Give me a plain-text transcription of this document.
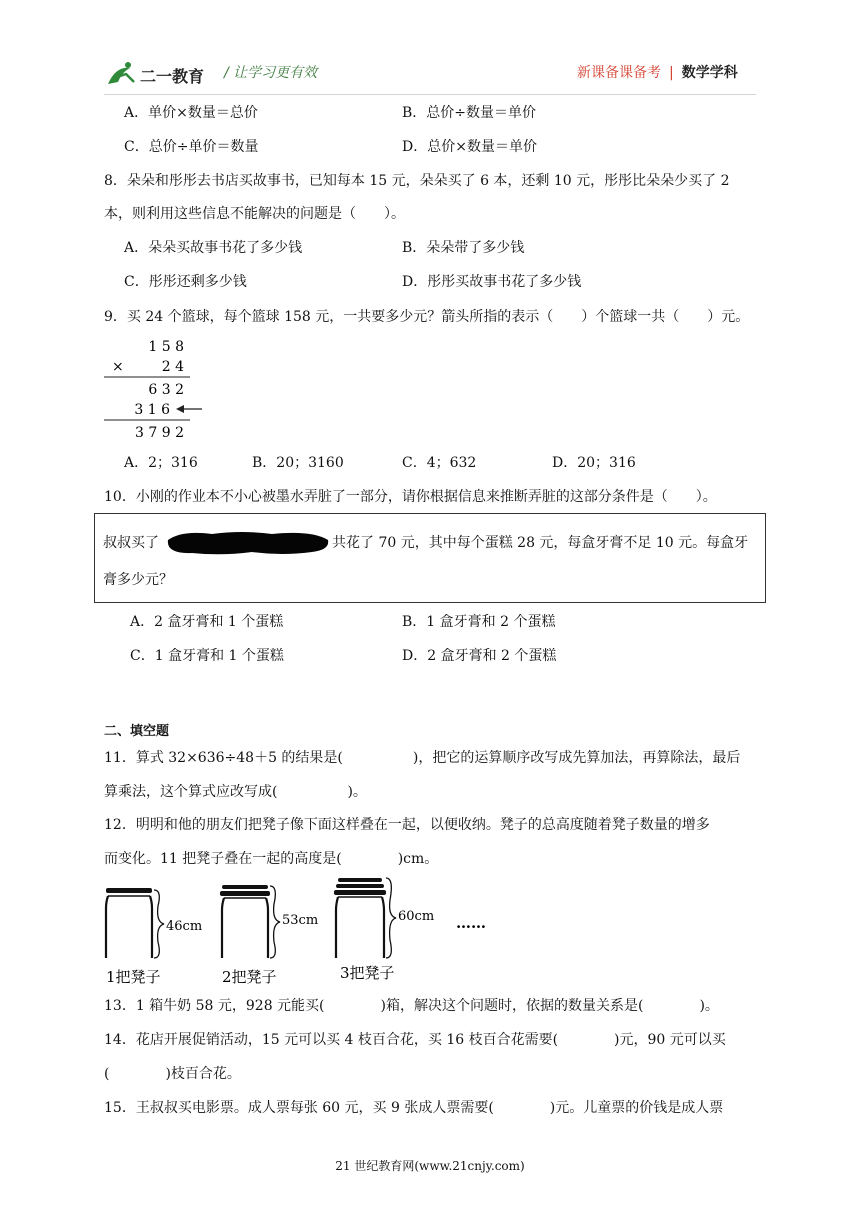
二一教育 / 让学习更有效	新课备课备考 | 数学学科
A．单价×数量＝总价	B．总价÷数量＝单价
C．总价÷单价＝数量	D．总价×数量＝单价
8．朵朵和彤彤去书店买故事书，已知每本 15 元，朵朵买了 6 本，还剩 10 元，彤彤比朵朵少买了 2
本，则利用这些信息不能解决的问题是（　　）。
A．朵朵买故事书花了多少钱	B．朵朵带了多少钱
C．彤彤还剩多少钱	D．彤彤买故事书花了多少钱
9．买 24 个篮球，每个篮球 158 元，一共要多少元？箭头所指的表示（　　）个篮球一共（　　）元。
1 5 8
×	2 4
6 3 2
3 1 6
3 7 9 2
A．2；316	B．20；3160	C．4；632	D．20；316
10．小刚的作业本不小心被墨水弄脏了一部分，请你根据信息来推断弄脏的这部分条件是（　　）。
叔叔买了	共花了 70 元，其中每个蛋糕 28 元，每盒牙膏不足 10 元。每盒牙
膏多少元？
A．2 盒牙膏和 1 个蛋糕	B．1 盒牙膏和 2 个蛋糕
C．1 盒牙膏和 1 个蛋糕	D．2 盒牙膏和 2 个蛋糕
二、填空题
11．算式 32×636÷48＋5 的结果是(　　　　　)，把它的运算顺序改写成先算加法，再算除法，最后
算乘法，这个算式应改写成(　　　　　)。
12．明明和他的朋友们把凳子像下面这样叠在一起，以便收纳。凳子的总高度随着凳子数量的增多
而变化。11 把凳子叠在一起的高度是(　　　　)cm。
46cm
1把凳子
53cm
2把凳子
60cm
3把凳子
……
13．1 箱牛奶 58 元，928 元能买(　　　　)箱，解决这个问题时，依据的数量关系是(　　　　)。
14．花店开展促销活动，15 元可以买 4 枝百合花，买 16 枝百合花需要(　　　　)元，90 元可以买
(　　　　)枝百合花。
15．王叔叔买电影票。成人票每张 60 元，买 9 张成人票需要(　　　　)元。儿童票的价钱是成人票
21 世纪教育网(www.21cnjy.com)
